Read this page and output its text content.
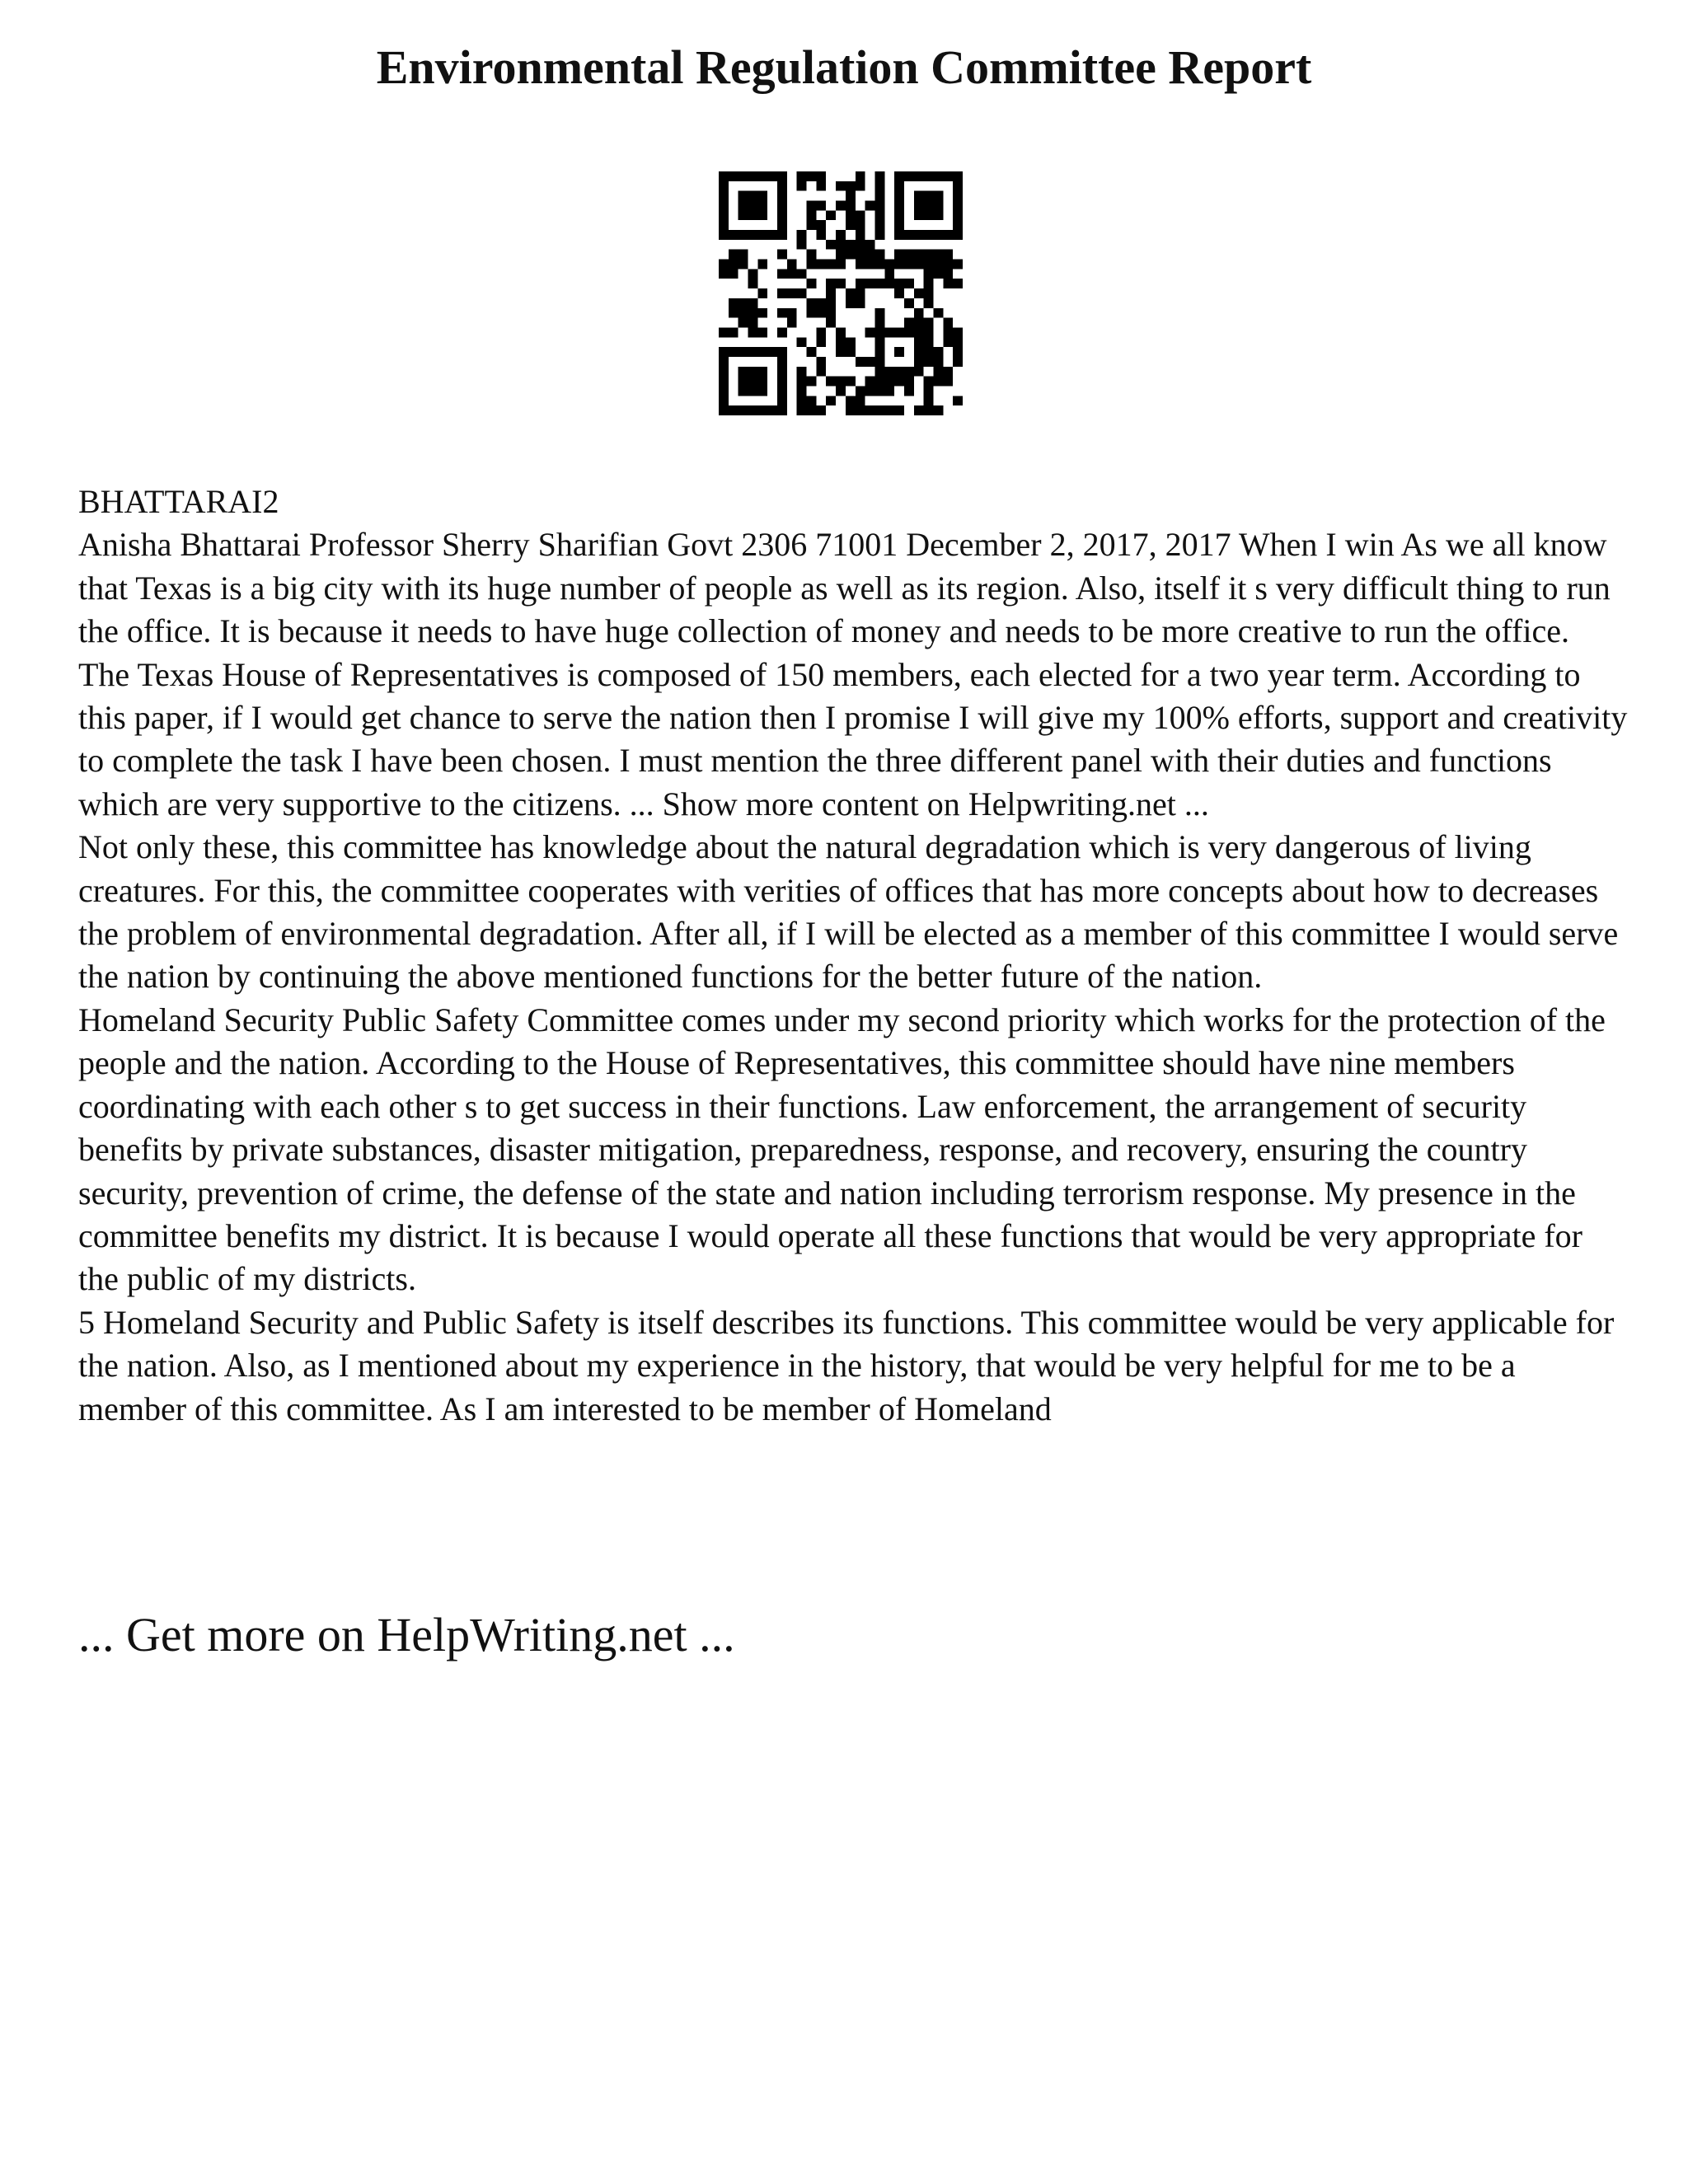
Environmental Regulation Committee Report

BHATTARAI2

Anisha Bhattarai Professor Sherry Sharifian Govt 2306 71001 December 2, 2017, 2017 When I win As we all know that Texas is a big city with its huge number of people as well as its region. Also, itself it s very difficult thing to run the office. It is because it needs to have huge collection of money and needs to be more creative to run the office. The Texas House of Representatives is composed of 150 members, each elected for a two year term. According to this paper, if I would get chance to serve the nation then I promise I will give my 100% efforts, support and creativity to complete the task I have been chosen. I must mention the three different panel with their duties and functions which are very supportive to the citizens. ... Show more content on Helpwriting.net ...

Not only these, this committee has knowledge about the natural degradation which is very dangerous of living creatures. For this, the committee cooperates with verities of offices that has more concepts about how to decreases the problem of environmental degradation. After all, if I will be elected as a member of this committee I would serve the nation by continuing the above mentioned functions for the better future of the nation.

Homeland Security Public Safety Committee comes under my second priority which works for the protection of the people and the nation. According to the House of Representatives, this committee should have nine members coordinating with each other s to get success in their functions. Law enforcement, the arrangement of security benefits by private substances, disaster mitigation, preparedness, response, and recovery, ensuring the country security, prevention of crime, the defense of the state and nation including terrorism response. My presence in the committee benefits my district. It is because I would operate all these functions that would be very appropriate for the public of my districts.

5 Homeland Security and Public Safety is itself describes its functions. This committee would be very applicable for the nation. Also, as I mentioned about my experience in the history, that would be very helpful for me to be a member of this committee. As I am interested to be member of Homeland

... Get more on HelpWriting.net ...
